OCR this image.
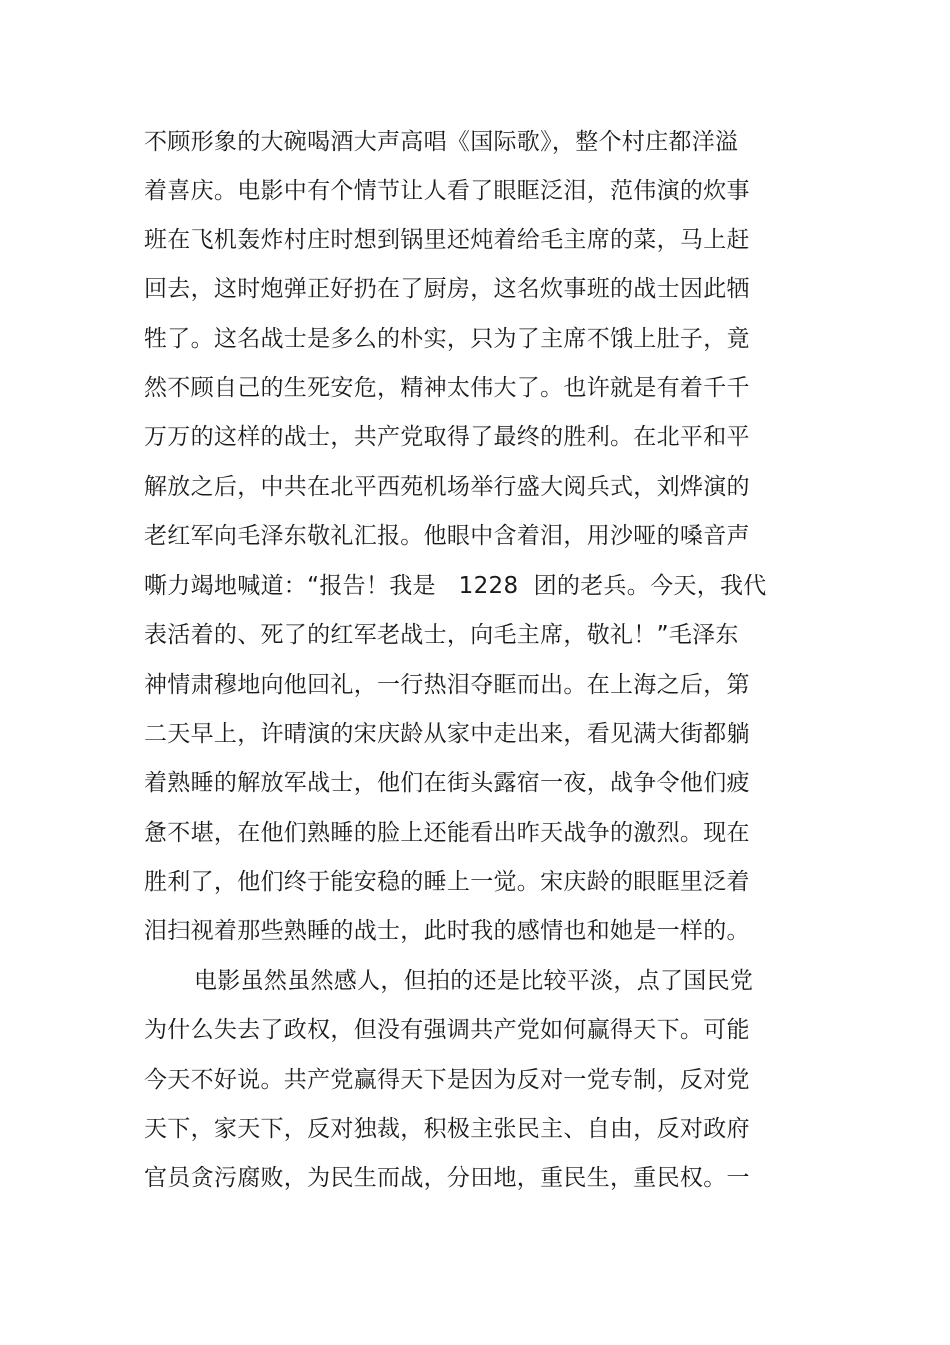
不顾形象的大碗喝酒大声高唱《国际歌》，整个村庄都洋溢
着喜庆。电影中有个情节让人看了眼眶泛泪，范伟演的炊事
班在飞机轰炸村庄时想到锅里还炖着给毛主席的菜，马上赶
回去，这时炮弹正好扔在了厨房，这名炊事班的战士因此牺
牲了。这名战士是多么的朴实，只为了主席不饿上肚子，竟
然不顾自己的生死安危，精神太伟大了。也许就是有着千千
万万的这样的战士，共产党取得了最终的胜利。在北平和平
解放之后，中共在北平西苑机场举行盛大阅兵式，刘烨演的
老红军向毛泽东敬礼汇报。他眼中含着泪，用沙哑的嗓音声
嘶力竭地喊道：“报告！我是   1228  团的老兵。今天，我代
表活着的、死了的红军老战士，向毛主席，敬礼！”毛泽东
神情肃穆地向他回礼，一行热泪夺眶而出。在上海之后，第
二天早上，许晴演的宋庆龄从家中走出来，看见满大街都躺
着熟睡的解放军战士，他们在街头露宿一夜，战争令他们疲
惫不堪，在他们熟睡的脸上还能看出昨天战争的激烈。现在
胜利了，他们终于能安稳的睡上一觉。宋庆龄的眼眶里泛着
泪扫视着那些熟睡的战士，此时我的感情也和她是一样的。
电影虽然虽然感人，但拍的还是比较平淡，点了国民党
为什么失去了政权，但没有强调共产党如何赢得天下。可能
今天不好说。共产党赢得天下是因为反对一党专制，反对党
天下，家天下，反对独裁，积极主张民主、自由，反对政府
官员贪污腐败，为民生而战，分田地，重民生，重民权。一
